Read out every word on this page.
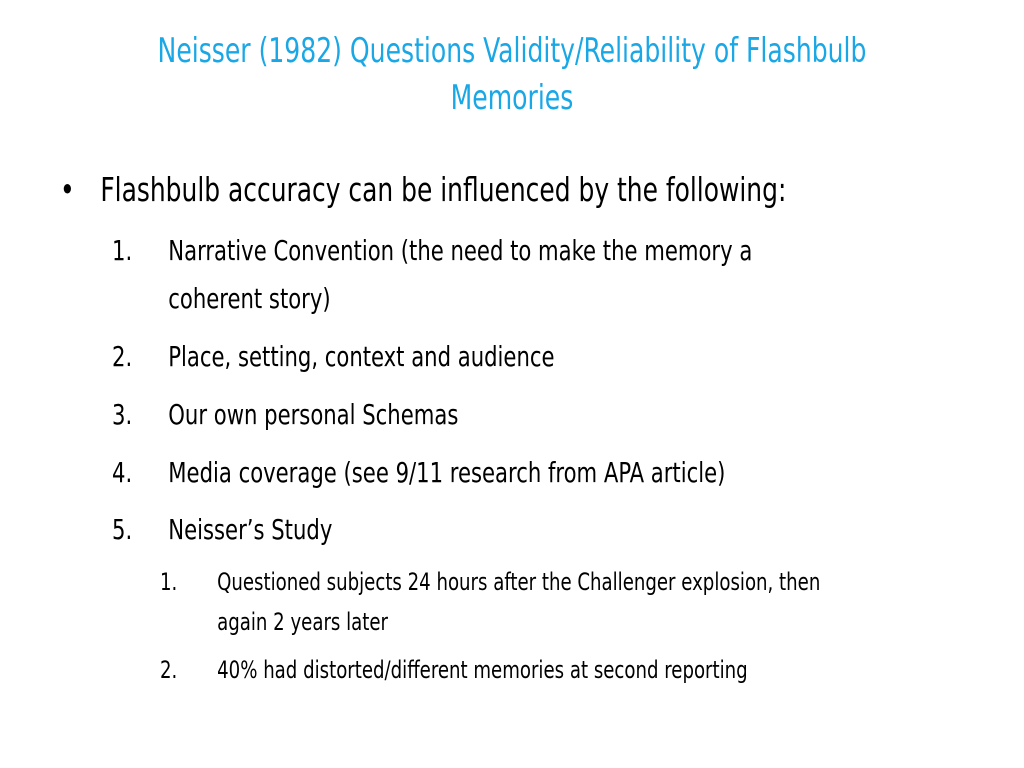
Neisser (1982) Questions Validity/Reliability of Flashbulb Memories
• Flashbulb accuracy can be influenced by the following:
1. Narrative Convention (the need to make the memory a
coherent story)
2. Place, setting, context and audience
3. Our own personal Schemas
4. Media coverage (see 9/11 research from APA article)
5. Neisser’s Study
1. Questioned subjects 24 hours after the Challenger explosion, then
again 2 years later
2. 40% had distorted/different memories at second reporting
